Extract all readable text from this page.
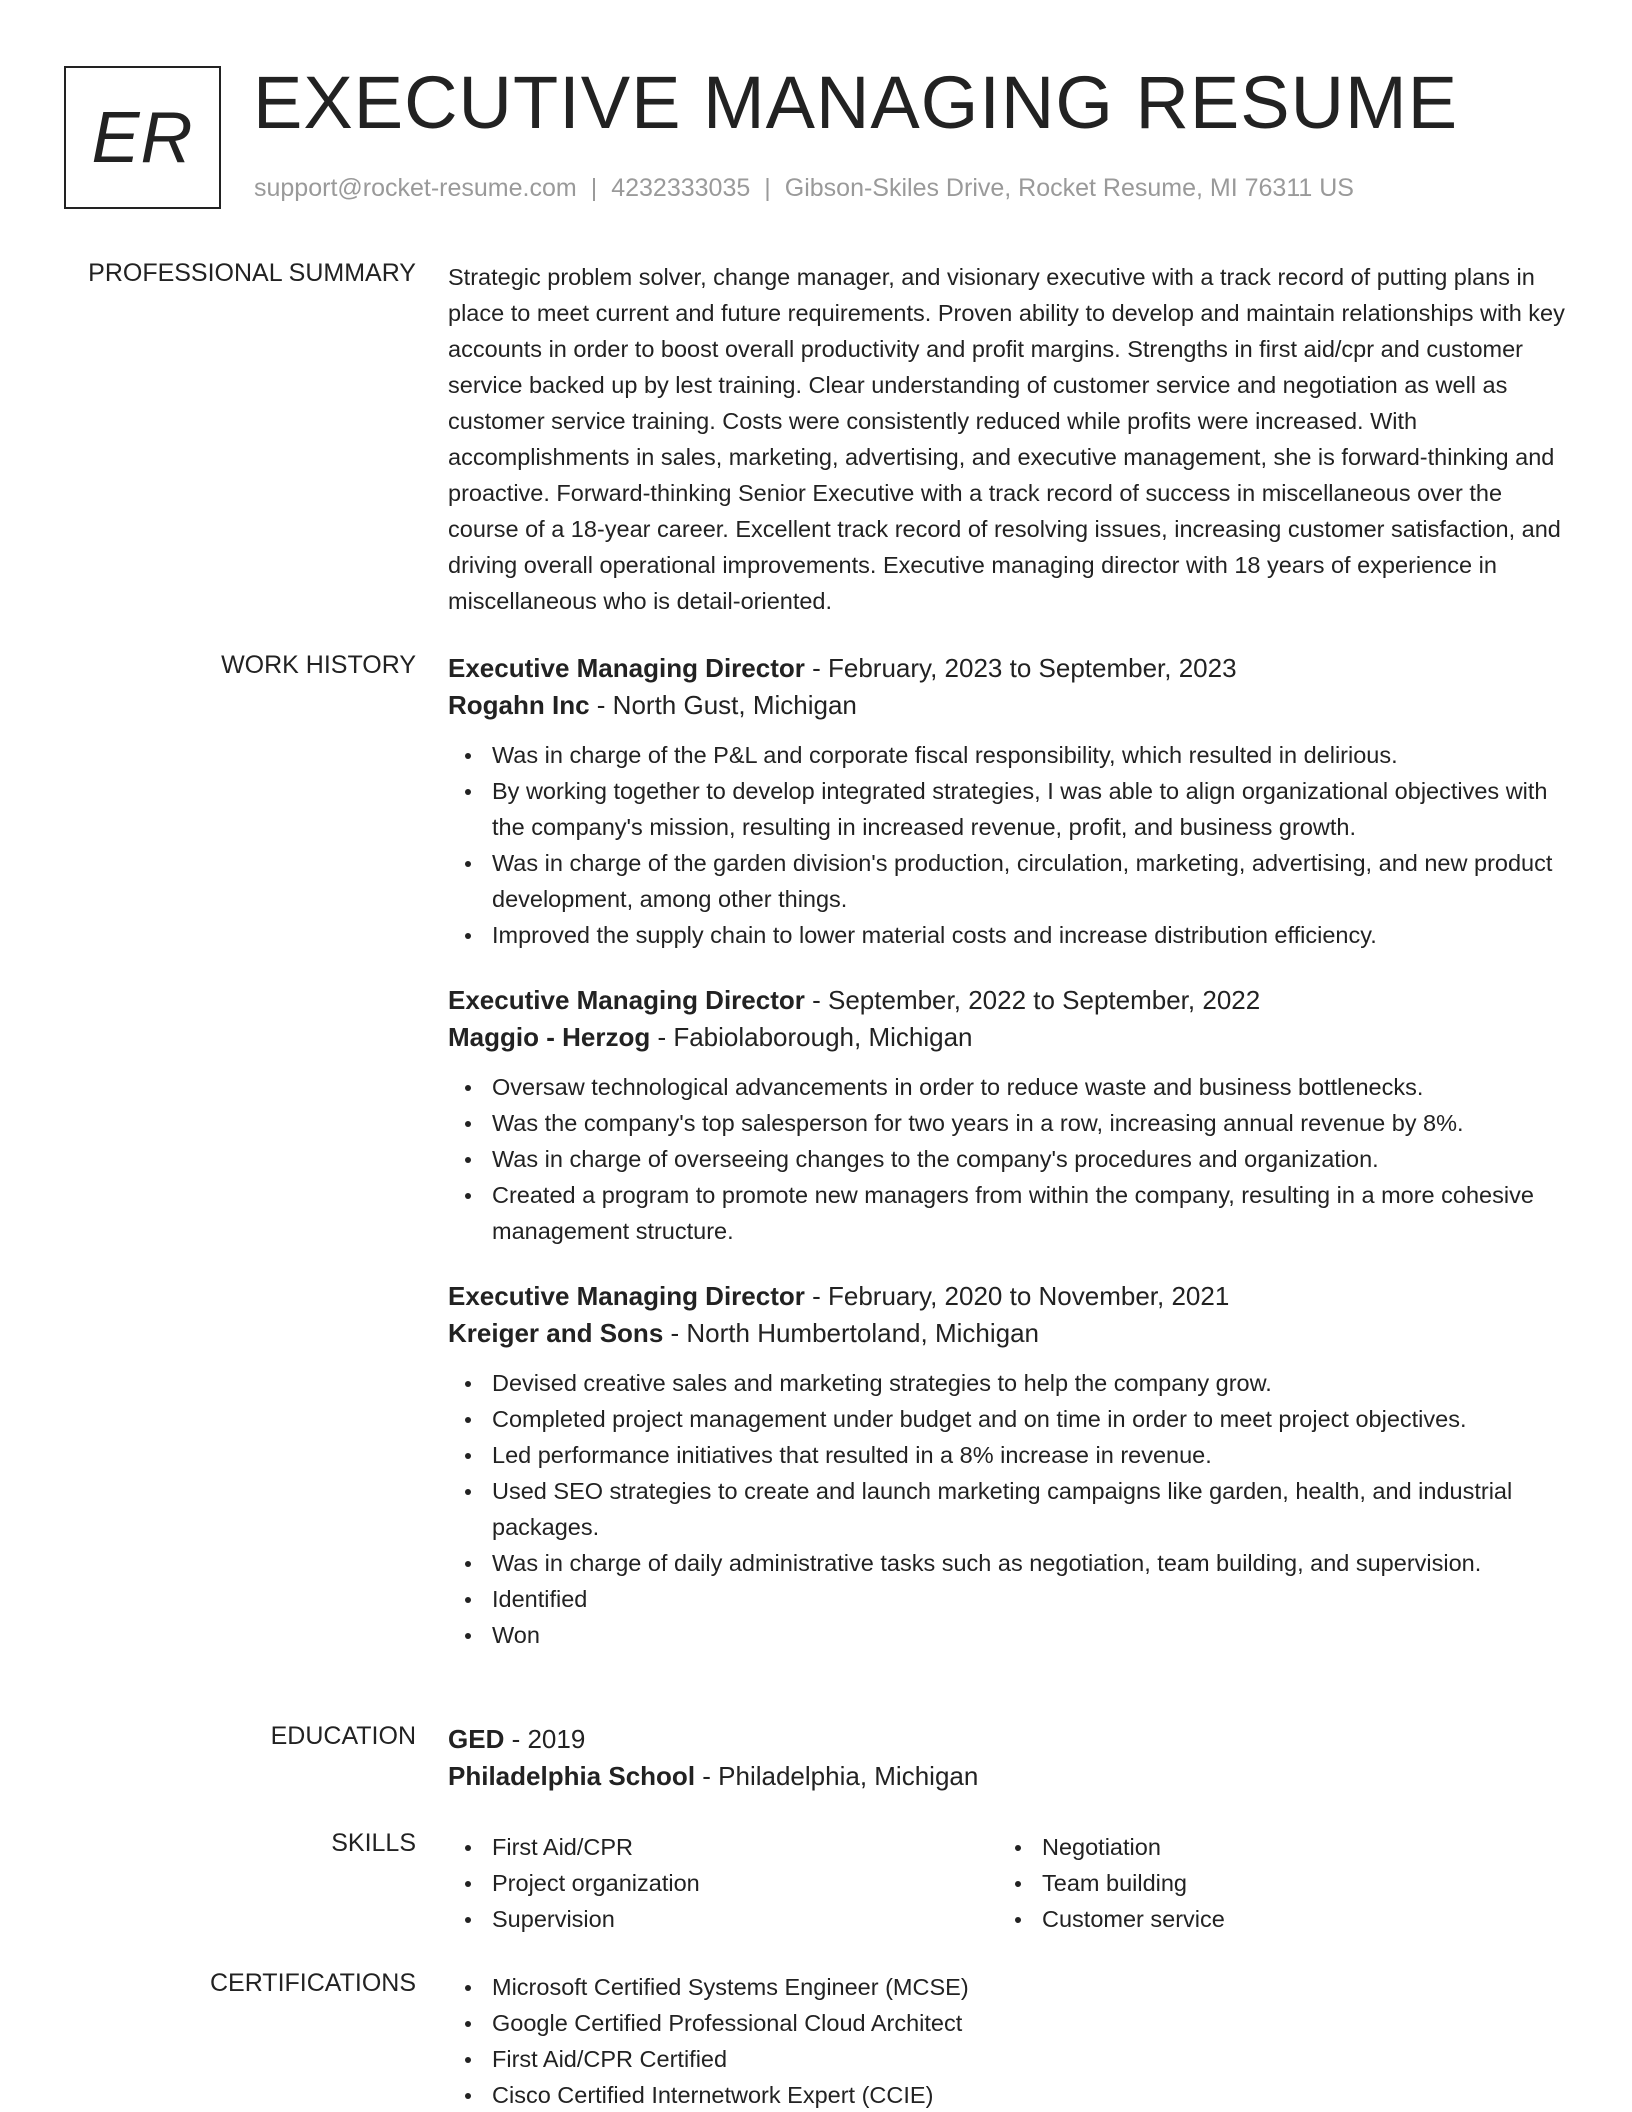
ER EXECUTIVE MANAGING RESUME
support@rocket-resume.com | 4232333035 | Gibson-Skiles Drive, Rocket Resume, MI 76311 US
PROFESSIONAL SUMMARY Strategic problem solver, change manager, and visionary executive with a track record of putting plans in place to meet current and future requirements. Proven ability to develop and maintain relationships with key accounts in order to boost overall productivity and profit margins. Strengths in first aid/cpr and customer service backed up by lest training. Clear understanding of customer service and negotiation as well as customer service training. Costs were consistently reduced while profits were increased. With accomplishments in sales, marketing, advertising, and executive management, she is forward-thinking and proactive. Forward-thinking Senior Executive with a track record of success in miscellaneous over the course of a 18-year career. Excellent track record of resolving issues, increasing customer satisfaction, and driving overall operational improvements. Executive managing director with 18 years of experience in miscellaneous who is detail-oriented.
WORK HISTORY Executive Managing Director - February, 2023 to September, 2023
Rogahn Inc - North Gust, Michigan
Was in charge of the P&L and corporate fiscal responsibility, which resulted in delirious.
By working together to develop integrated strategies, I was able to align organizational objectives with the company's mission, resulting in increased revenue, profit, and business growth.
Was in charge of the garden division's production, circulation, marketing, advertising, and new product development, among other things.
Improved the supply chain to lower material costs and increase distribution efficiency.
Executive Managing Director - September, 2022 to September, 2022
Maggio - Herzog - Fabiolaborough, Michigan
Oversaw technological advancements in order to reduce waste and business bottlenecks.
Was the company's top salesperson for two years in a row, increasing annual revenue by 8%.
Was in charge of overseeing changes to the company's procedures and organization.
Created a program to promote new managers from within the company, resulting in a more cohesive management structure.
Executive Managing Director - February, 2020 to November, 2021
Kreiger and Sons - North Humbertoland, Michigan
Devised creative sales and marketing strategies to help the company grow.
Completed project management under budget and on time in order to meet project objectives.
Led performance initiatives that resulted in a 8% increase in revenue.
Used SEO strategies to create and launch marketing campaigns like garden, health, and industrial packages.
Was in charge of daily administrative tasks such as negotiation, team building, and supervision.
Identified
Won
EDUCATION GED - 2019
Philadelphia School - Philadelphia, Michigan
SKILLS	First Aid/CPR
Project organization
Supervision
Negotiation
Team building
Customer service
CERTIFICATIONS	Microsoft Certified Systems Engineer (MCSE)
Google Certified Professional Cloud Architect
First Aid/CPR Certified
Cisco Certified Internetwork Expert (CCIE)
